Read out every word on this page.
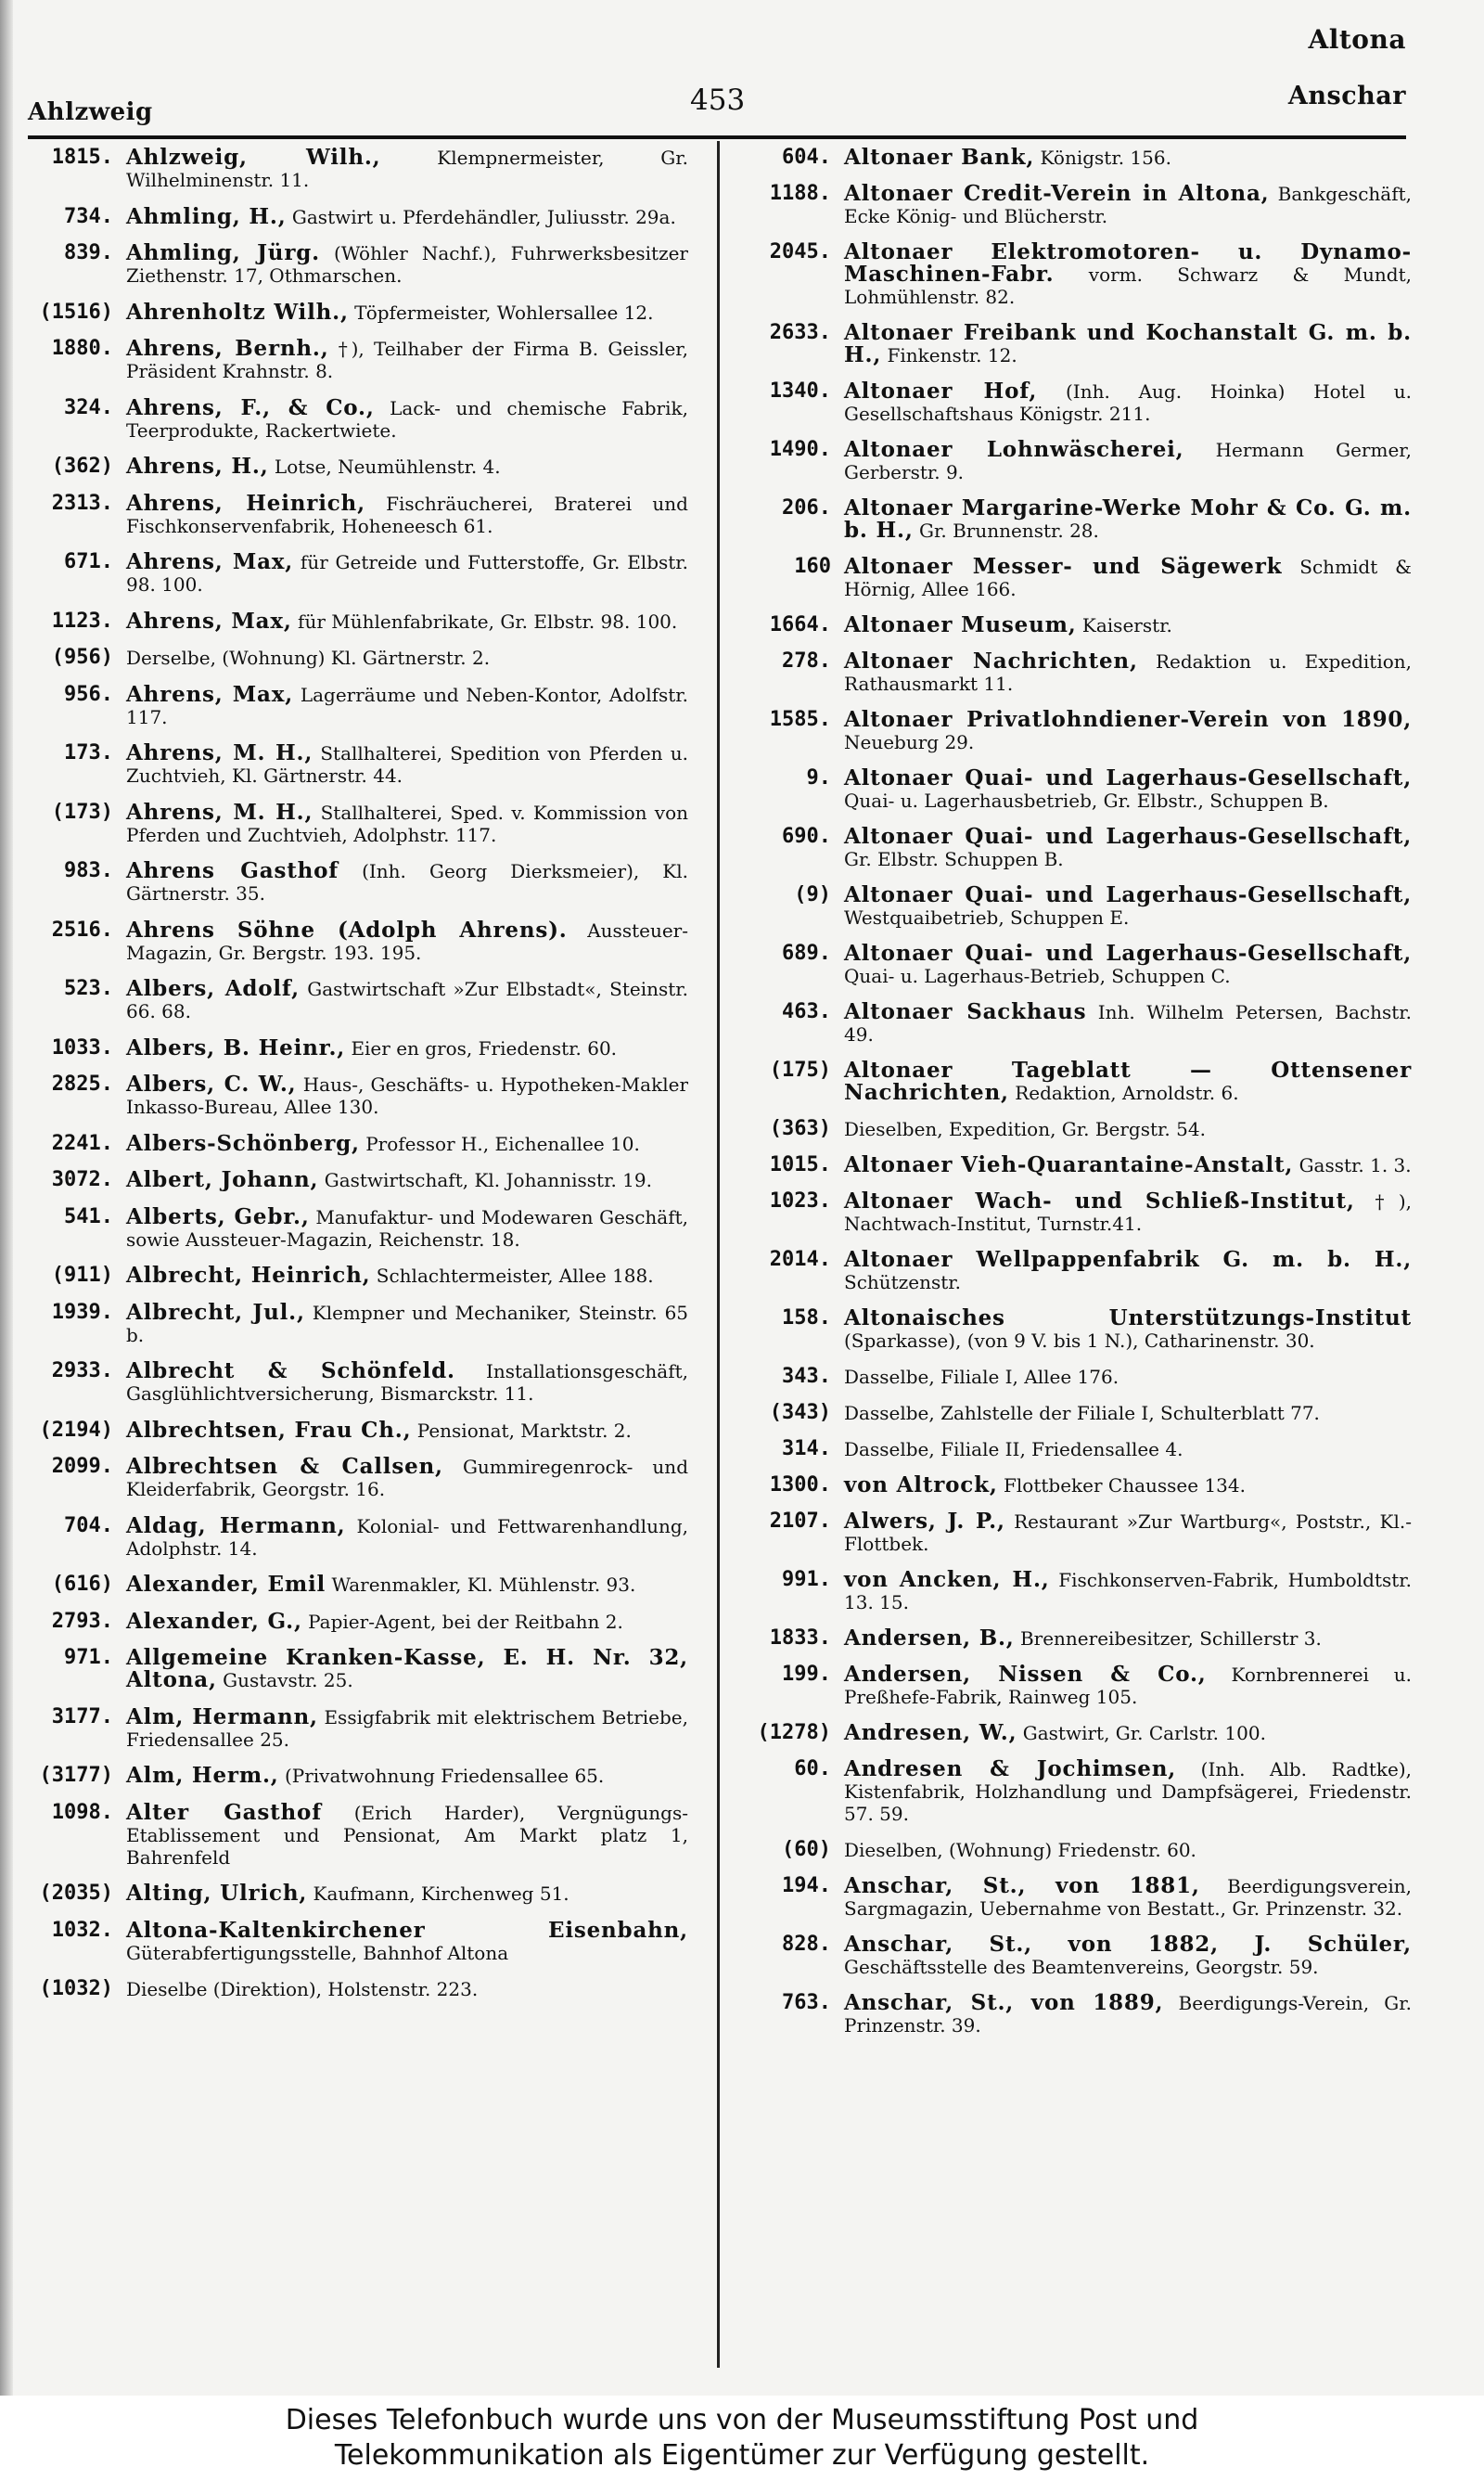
Altona
Ahlzweig	453	Anschar
1815. Ahlzweig, Wilh.,	Klempnermeister, Gr. Wilhelminenstr. 11.
734. Ahmling, H., Gastwirt u. Pferdehändler, Juliusstr. 29a.
839. Ahmling, Jürg. (Wöhler Nachf.), Fuhrwerksbesitzer Ziethenstr. 17, Othmarschen.
(1516) Ahrenholtz Wilh., Töpfermeister, Wohlersallee 12.
1880. Ahrens, Bernh., †), Teilhaber der Firma B. Geissler, Präsident Krahnstr. 8.
324. Ahrens, F., & Co., Lack- und chemische Fabrik, Teerprodukte, Rackertwiete.
(362) Ahrens, H., Lotse, Neumühlenstr. 4.
2313. Ahrens, Heinrich, Fischräucherei, Braterei und Fischkonservenfabrik, Hoheneesch 61.
671. Ahrens, Max, für Getreide und Futterstoffe, Gr. Elbstr. 98. 100.
1123. Ahrens, Max, für Mühlenfabrikate, Gr. Elbstr. 98. 100.
(956) Derselbe, (Wohnung) Kl. Gärtnerstr. 2.
956. Ahrens, Max, Lagerräume und Neben-Kontor, Adolfstr. 117.
173. Ahrens, M. H., Stallhalterei, Spedition von Pferden u. Zuchtvieh, Kl. Gärtnerstr. 44.
(173) Ahrens, M. H., Stallhalterei, Sped. v. Kommission von Pferden und Zuchtvieh, Adolphstr. 117.
983. Ahrens Gasthof (Inh. Georg Dierksmeier), Kl. Gärtnerstr. 35.
2516. Ahrens Söhne (Adolph Ahrens). Aussteuer-Magazin, Gr. Bergstr. 193. 195.
523. Albers, Adolf, Gastwirtschaft »Zur Elbstadt«, Steinstr. 66. 68.
1033. Albers, B. Heinr., Eier en gros, Friedenstr. 60.
2825. Albers, C. W., Haus-, Geschäfts- u. Hypotheken-Makler Inkasso-Bureau, Allee 130.
2241. Albers-Schönberg, Professor H., Eichenallee 10.
3072. Albert, Johann, Gastwirtschaft, Kl. Johannisstr. 19.
541. Alberts, Gebr., Manufaktur- und Modewaren Geschäft, sowie Aussteuer-Magazin, Reichenstr. 18.
(911) Albrecht, Heinrich, Schlachtermeister, Allee 188.
1939. Albrecht, Jul., Klempner und Mechaniker, Steinstr. 65 b.
2933. Albrecht & Schönfeld. Installationsgeschäft, Gasglühlichtversicherung, Bismarckstr. 11.
(2194) Albrechtsen, Frau Ch., Pensionat, Marktstr. 2.
2099. Albrechtsen & Callsen, Gummiregenrock- und Kleiderfabrik, Georgstr. 16.
704. Aldag, Hermann, Kolonial- und Fettwarenhandlung, Adolphstr. 14.
(616) Alexander, Emil Warenmakler, Kl. Mühlenstr. 93.
2793. Alexander, G., Papier-Agent, bei der Reitbahn 2.
971. Allgemeine Kranken-Kasse, E. H. Nr. 32, Altona, Gustavstr. 25.
3177. Alm, Hermann, Essigfabrik mit elektrischem Betriebe, Friedensallee 25.
(3177) Alm, Herm., (Privatwohnung Friedensallee 65.
1098. Alter Gasthof (Erich Harder), Vergnügungs-Etablissement und Pensionat, Am Markt platz 1, Bahrenfeld
(2035) Alting, Ulrich, Kaufmann, Kirchenweg 51.
1032. Altona-Kaltenkirchener Eisenbahn, Güterabfertigungsstelle, Bahnhof Altona
(1032) Dieselbe (Direktion), Holstenstr. 223.
604. Altonaer Bank, Königstr. 156.
1188. Altonaer Credit-Verein in Altona, Bankgeschäft, Ecke König- und Blücherstr.
2045. Altonaer Elektromotoren- u. Dynamo-Maschinen-Fabr. vorm. Schwarz & Mundt, Lohmühlenstr. 82.
2633. Altonaer Freibank und Kochanstalt G. m. b. H., Finkenstr. 12.
1340. Altonaer Hof, (Inh. Aug. Hoinka) Hotel u. Gesellschaftshaus Königstr. 211.
1490. Altonaer Lohnwäscherei, Hermann Germer, Gerberstr. 9.
206. Altonaer Margarine-Werke Mohr & Co. G. m. b. H., Gr. Brunnenstr. 28.
160 Altonaer Messer- und Sägewerk Schmidt & Hörnig, Allee 166.
1664. Altonaer Museum, Kaiserstr.
278. Altonaer Nachrichten, Redaktion u. Expedition, Rathausmarkt 11.
1585. Altonaer Privatlohndiener-Verein von 1890, Neueburg 29.
9. Altonaer Quai- und Lagerhaus-Gesellschaft, Quai- u. Lagerhausbetrieb, Gr. Elbstr., Schuppen B.
690. Altonaer Quai- und Lagerhaus-Gesellschaft, Gr. Elbstr. Schuppen B.
(9) Altonaer Quai- und Lagerhaus-Gesellschaft, Westquaibetrieb, Schuppen E.
689. Altonaer Quai- und Lagerhaus-Gesellschaft, Quai- u. Lagerhaus-Betrieb, Schuppen C.
463. Altonaer Sackhaus Inh. Wilhelm Petersen, Bachstr. 49.
(175) Altonaer Tageblatt — Ottensener Nachrichten, Redaktion, Arnoldstr. 6.
(363) Dieselben, Expedition, Gr. Bergstr. 54.
1015. Altonaer Vieh-Quarantaine-Anstalt, Gasstr. 1. 3.
1023. Altonaer Wach- und Schließ-Institut, †), Nachtwach-Institut, Turnstr.41.
2014. Altonaer Wellpappenfabrik G. m. b. H., Schützenstr.
158. Altonaisches Unterstützungs-Institut (Sparkasse), (von 9 V. bis 1 N.), Catharinenstr. 30.
343. Dasselbe, Filiale I, Allee 176.
(343) Dasselbe, Zahlstelle der Filiale I, Schulterblatt 77.
314. Dasselbe, Filiale II, Friedensallee 4.
1300. von Altrock, Flottbeker Chaussee 134.
2107. Alwers, J. P., Restaurant »Zur Wartburg«, Poststr., Kl.-Flottbek.
991. von Ancken, H., Fischkonserven-Fabrik, Humboldtstr. 13. 15.
1833. Andersen, B., Brennereibesitzer, Schillerstr 3.
199. Andersen, Nissen & Co., Kornbrennerei u. Preßhefe-Fabrik, Rainweg 105.
(1278) Andresen, W., Gastwirt, Gr. Carlstr. 100.
60. Andresen & Jochimsen, (Inh. Alb. Radtke), Kistenfabrik, Holzhandlung und Dampfsägerei, Friedenstr. 57. 59.
(60) Dieselben, (Wohnung) Friedenstr. 60.
194. Anschar, St., von 1881, Beerdigungsverein, Sargmagazin, Uebernahme von Bestatt., Gr. Prinzenstr. 32.
828. Anschar, St., von 1882, J. Schüler, Geschäftsstelle des Beamtenvereins, Georgstr. 59.
763. Anschar, St., von 1889, Beerdigungs-Verein, Gr. Prinzenstr. 39.
Dieses Telefonbuch wurde uns von der Museumsstiftung Post und
Telekommunikation als Eigentümer zur Verfügung gestellt.
